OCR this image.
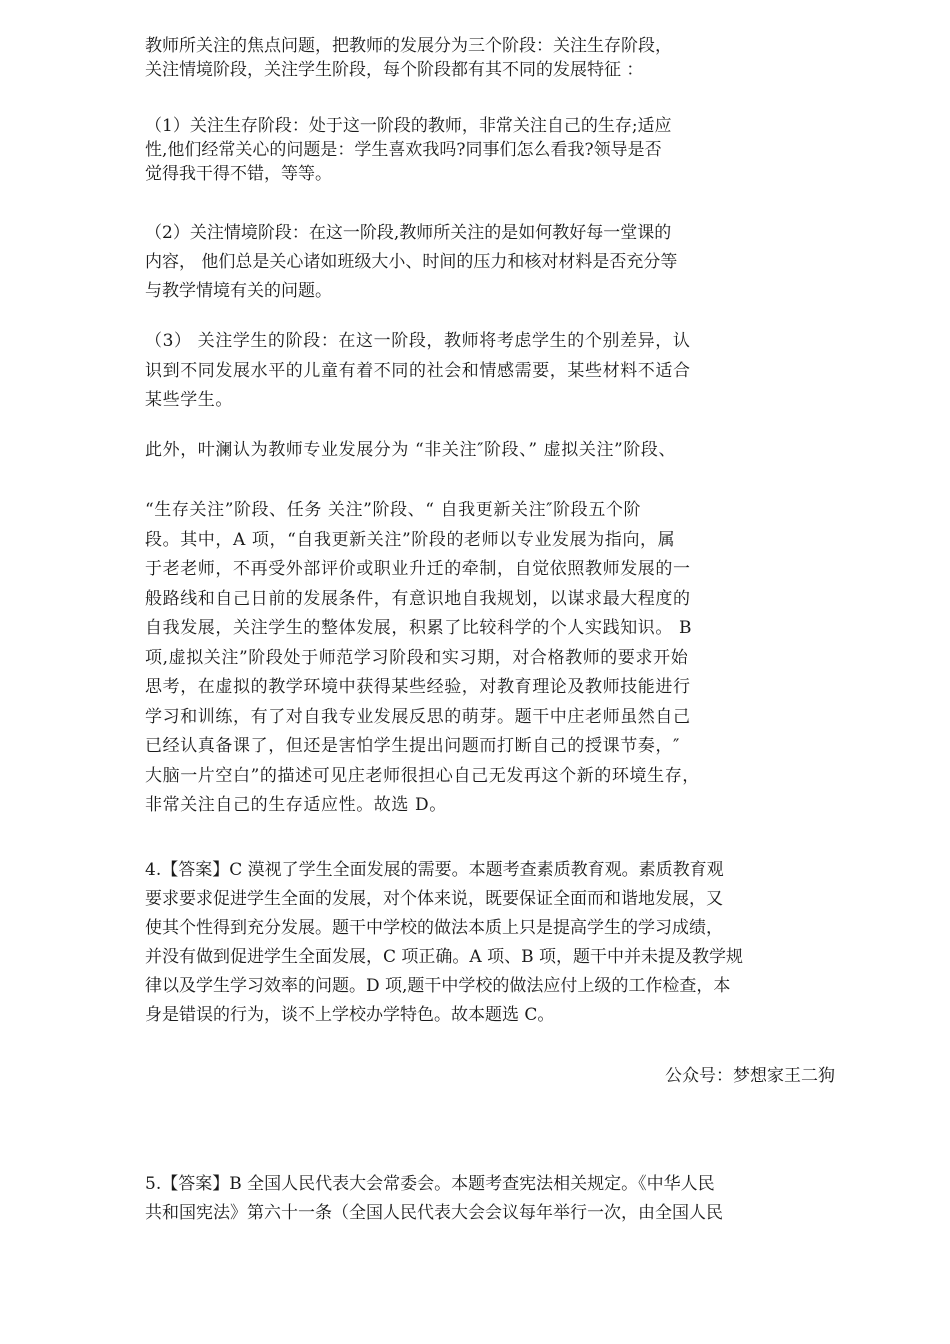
教师所关注的焦点问题，把教师的发展分为三个阶段：关注生存阶段，
关注情境阶段，关注学生阶段，每个阶段都有其不同的发展特征 ：
（1）关注生存阶段：处于这一阶段的教师，非常关注自己的生存;适应
性,他们经常关心的问题是：学生喜欢我吗?同事们怎么看我?领导是否
觉得我干得不错，等等。
（2）关注情境阶段：在这一阶段,教师所关注的是如何教好每一堂课的
内容， 他们总是关心诸如班级大小、时间的压力和核对材料是否充分等
与教学情境有关的问题。
（3） 关注学生的阶段：在这一阶段，教师将考虑学生的个别差异，认
识到不同发展水平的儿童有着不同的社会和情感需要，某些材料不适合
某些学生。
此外，叶澜认为教师专业发展分为 “非关注″阶段、” 虚拟关注”阶段、
“生存关注”阶段、任务 关注”阶段、“ 自我更新关注″阶段五个阶
段。其中，A 项，“自我更新关注”阶段的老师以专业发展为指向，属
于老老师，不再受外部评价或职业升迁的牵制，自觉依照教师发展的一
般路线和自己日前的发展条件，有意识地自我规划，以谋求最大程度的
自我发展，关注学生的整体发展，积累了比较科学的个人实践知识。 B
项,虚拟关注”阶段处于师范学习阶段和实习期，对合格教师的要求开始
思考，在虚拟的教学环境中获得某些经验，对教育理论及教师技能进行
学习和训练，有了对自我专业发展反思的萌芽。题干中庄老师虽然自己
已经认真备课了，但还是害怕学生提出问题而打断自己的授课节奏，″
大脑一片空白”的描述可见庄老师很担心自己无发再这个新的环境生存，
非常关注自己的生存适应性。故选 D。
4.【答案】C 漠视了学生全面发展的需要。本题考查素质教育观。素质教育观
要求要求促进学生全面的发展，对个体来说，既要保证全面而和谐地发展，又
使其个性得到充分发展。题干中学校的做法本质上只是提高学生的学习成绩，
并没有做到促进学生全面发展，C 项正确。A 项、B 项，题干中并未提及教学规
律以及学生学习效率的问题。D 项,题干中学校的做法应付上级的工作检查，本
身是错误的行为，谈不上学校办学特色。故本题选 C。
公众号：梦想家王二狗
5.【答案】B 全国人民代表大会常委会。本题考查宪法相关规定。《中华人民
共和国宪法》第六十一条（全国人民代表大会会议每年举行一次，由全国人民
